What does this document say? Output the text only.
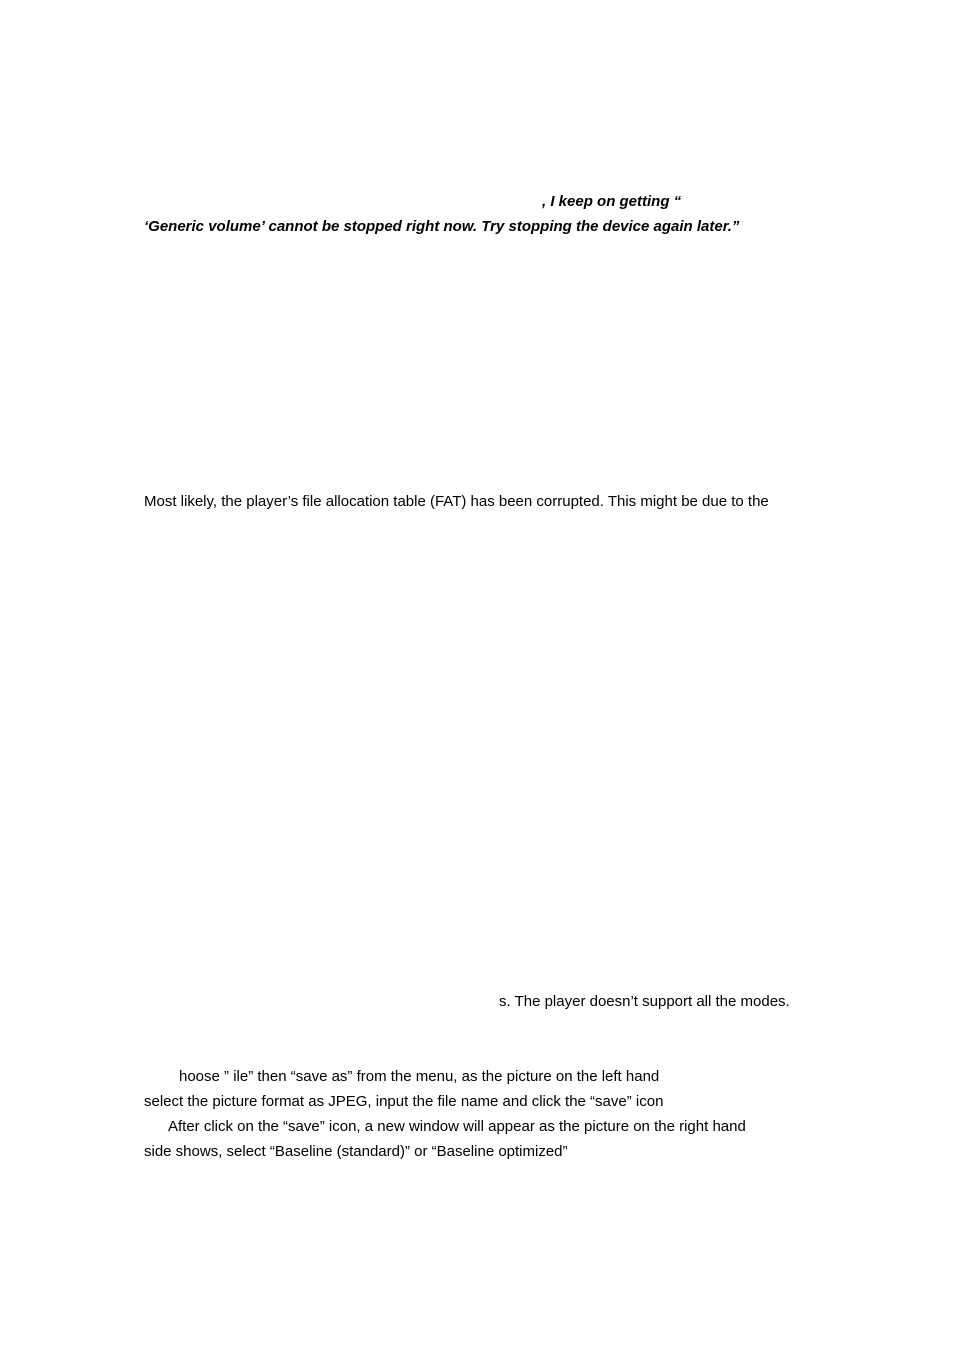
, I keep on getting “
‘Generic volume’ cannot be stopped right now. Try stopping the device again later.”
Most likely, the player’s file allocation table (FAT) has been corrupted. This might be due to the
s. The player doesn’t support all the modes.
hoose ” ile” then “save as” from the menu, as the picture on the left hand
select the picture format as JPEG, input the file name and click the “save” icon
After click on the “save” icon, a new window will appear as the picture on the right hand
side shows, select “Baseline (standard)” or “Baseline optimized”
